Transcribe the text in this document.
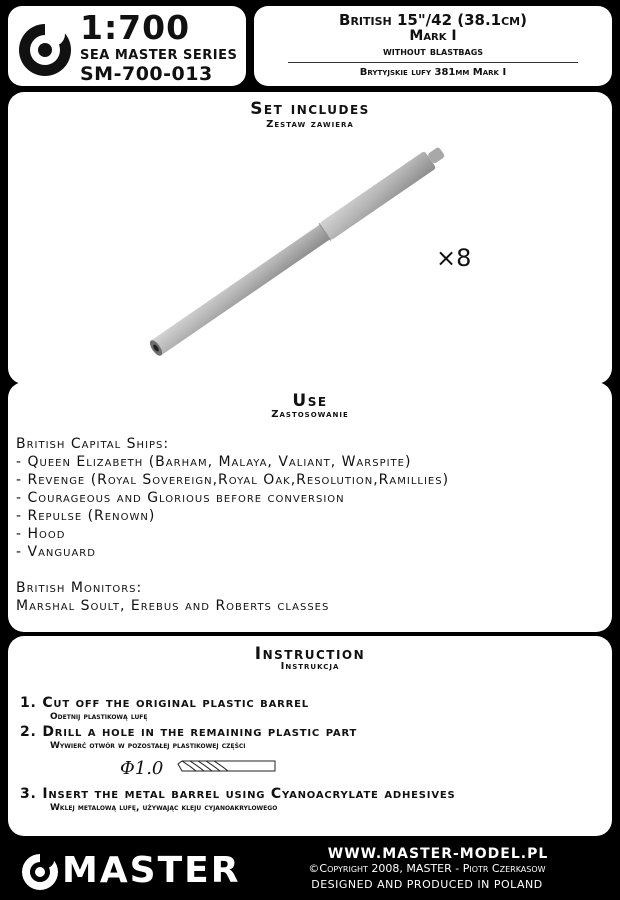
1:700
SEA MASTER SERIES
SM-700-013
British 15"/42 (38.1cm)
Mark I
without blastbags
Brytyjskie lufy 381mm Mark I
Set includes
Zestaw zawiera
×8
Use
Zastosowanie
British Capital Ships:
- Queen Elizabeth (Barham, Malaya, Valiant, Warspite)
- Revenge (Royal Sovereign,Royal Oak,Resolution,Ramillies)
- Courageous and Glorious before conversion
- Repulse (Renown)
- Hood
- Vanguard
British Monitors:
Marshal Soult, Erebus and Roberts classes
Instruction
Instrukcja
1. Cut off the original plastic barrel
Odetnij plastikową lufę
2. Drill a hole in the remaining plastic part
Wywierć otwór w pozostałej plastikowej części
Φ1.0
3. Insert the metal barrel using Cyanoacrylate adhesives
Wklej metalową lufę, używając kleju cyjanoakrylowego
MASTER	WWW.MASTER-MODEL.PL
©Copyright 2008, MASTER - Piotr Czerkasow
DESIGNED AND PRODUCED IN POLAND
